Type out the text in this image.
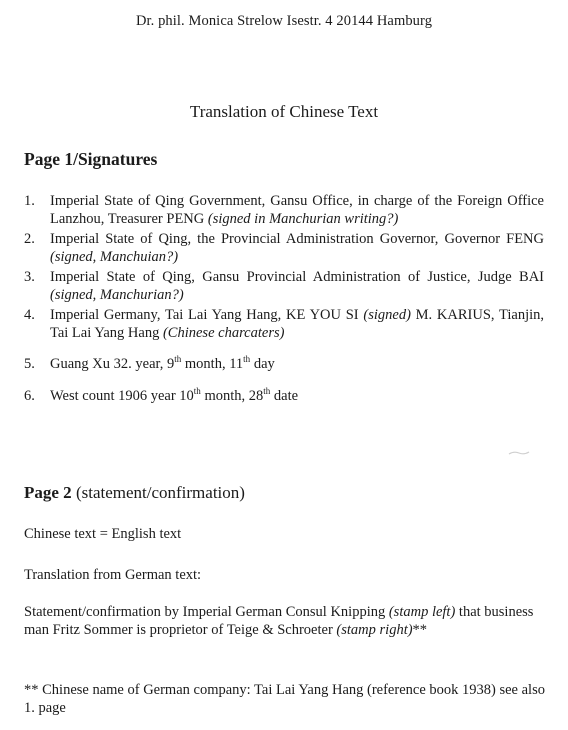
Dr. phil. Monica Strelow Isestr. 4 20144 Hamburg
Translation of Chinese Text
Page 1/Signatures
1.	Imperial State of Qing Government, Gansu Office, in charge of the Foreign Office Lanzhou, Treasurer PENG (signed in Manchurian writing?)
2.	Imperial State of Qing, the Provincial Administration Governor, Governor FENG (signed, Manchuian?)
3.	Imperial State of Qing, Gansu Provincial Administration of Justice, Judge BAI (signed, Manchurian?)
4.	Imperial Germany, Tai Lai Yang Hang, KE YOU SI (signed) M. KARIUS, Tianjin, Tai Lai Yang Hang (Chinese charcaters)
5.	Guang Xu 32. year, 9th month, 11th day
6.	West count 1906 year 10th month, 28th date
Page 2 (statement/confirmation)
Chinese text = English text
Translation from German text:
Statement/confirmation by Imperial German Consul Knipping (stamp left) that business man Fritz Sommer is proprietor of Teige & Schroeter (stamp right)**
** Chinese name of German company: Tai Lai Yang Hang (reference book 1938) see also 1. page
